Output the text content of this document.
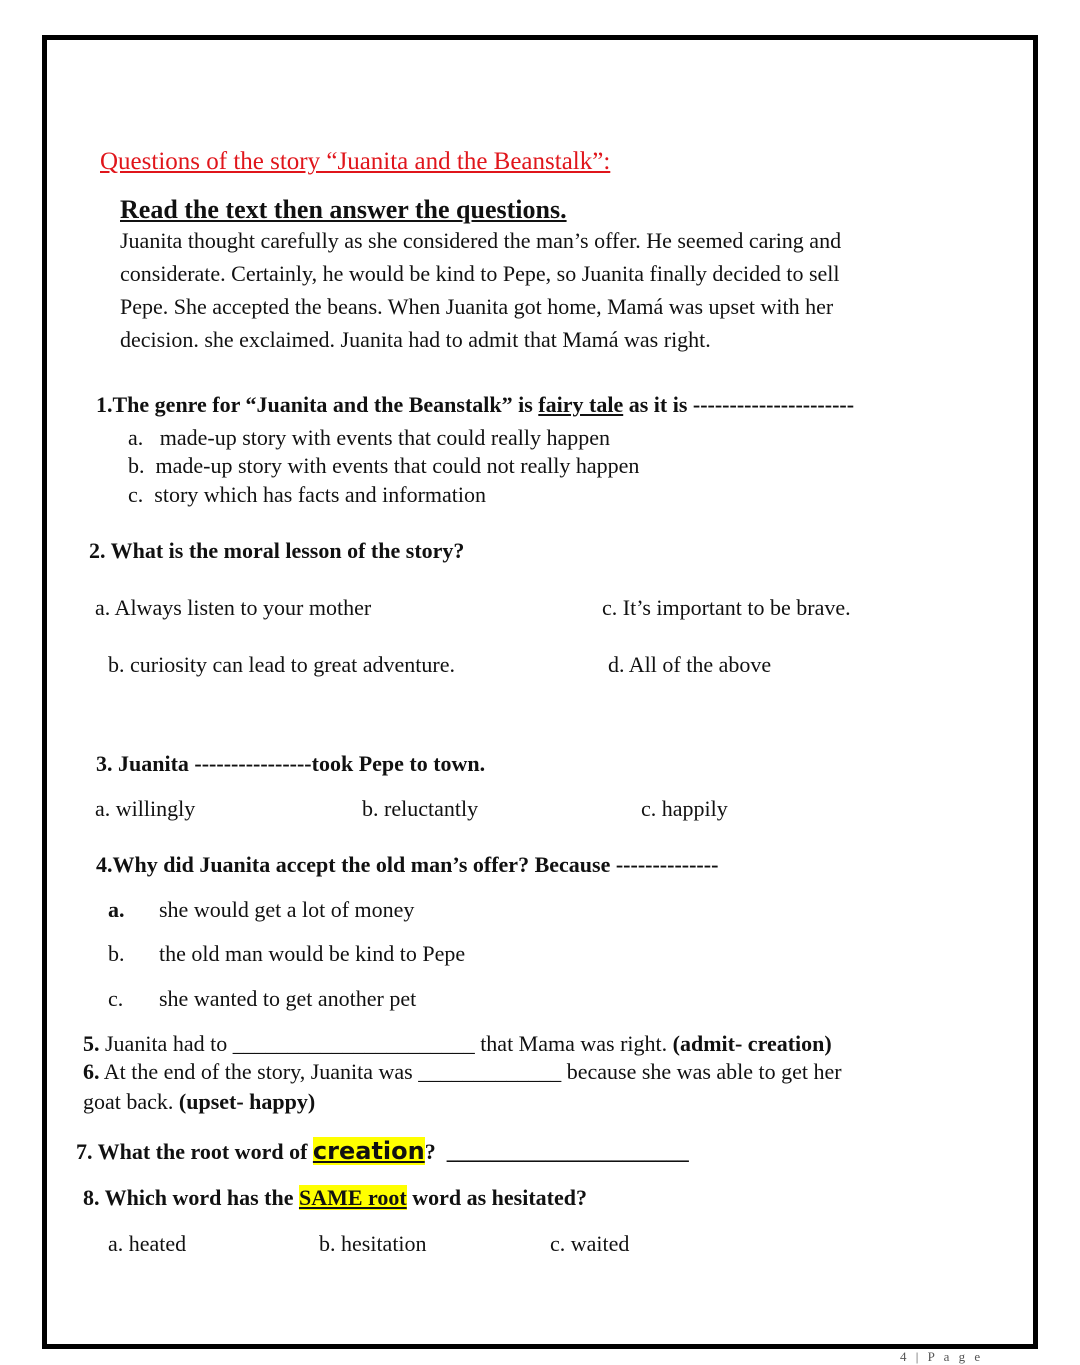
Questions of the story “Juanita and the Beanstalk”:
Read the text then answer the questions.
Juanita thought carefully as she considered the man’s offer. He seemed caring and
considerate. Certainly, he would be kind to Pepe, so Juanita finally decided to sell
Pepe. She accepted the beans. When Juanita got home, Mamá was upset with her
decision. she exclaimed. Juanita had to admit that Mamá was right.
1.The genre for “Juanita and the Beanstalk” is fairy tale as it is ----------------------
a.   made-up story with events that could really happen
b.  made-up story with events that could not really happen
c.  story which has facts and information
2. What is the moral lesson of the story?
a. Always listen to your mother	c. It’s important to be brave.
b. curiosity can lead to great adventure.	d. All of the above
3. Juanita ----------------took Pepe to town.
a. willingly	b. reluctantly	c. happily
4.Why did Juanita accept the old man’s offer? Because --------------
a. she would get a lot of money
b. the old man would be kind to Pepe
c. she wanted to get another pet
5. Juanita had to ______________________ that Mama was right. (admit- creation)
6. At the end of the story, Juanita was _____________ because she was able to get her
goat back. (upset- happy)
7. What the root word of creation?  ______________________
8. Which word has the SAME root word as hesitated?
a. heated	b. hesitation	c. waited
4 | P a g e
